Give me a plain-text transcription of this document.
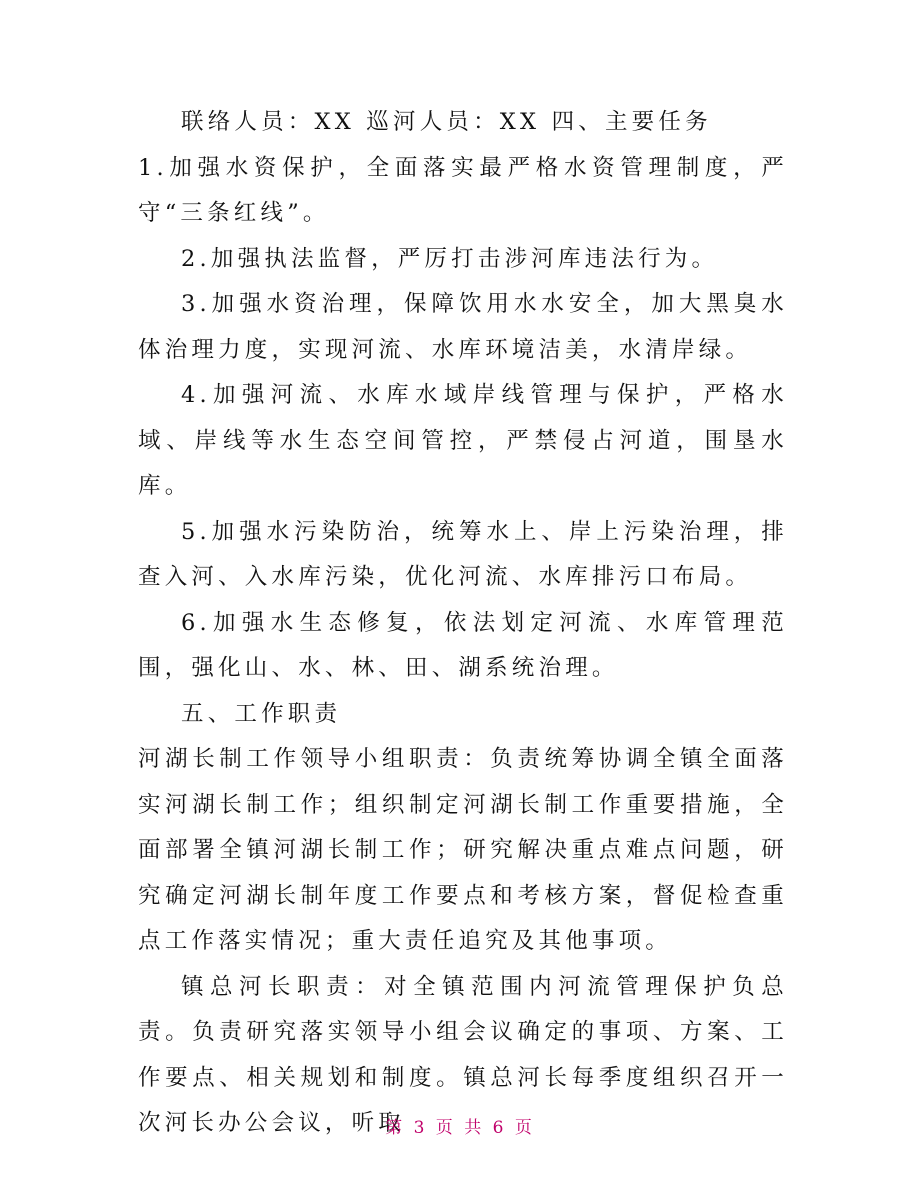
联络人员：XX 巡河人员：XX 四、主要任务

1.加强水资保护，全面落实最严格水资管理制度，严守“三条红线”。

2.加强执法监督，严厉打击涉河库违法行为。

3.加强水资治理，保障饮用水水安全，加大黑臭水体治理力度，实现河流、水库环境洁美，水清岸绿。

4.加强河流、水库水域岸线管理与保护，严格水域、岸线等水生态空间管控，严禁侵占河道，围垦水库。

5.加强水污染防治，统筹水上、岸上污染治理，排查入河、入水库污染，优化河流、水库排污口布局。

6.加强水生态修复，依法划定河流、水库管理范围，强化山、水、林、田、湖系统治理。

五、工作职责

河湖长制工作领导小组职责：负责统筹协调全镇全面落实河湖长制工作；组织制定河湖长制工作重要措施，全面部署全镇河湖长制工作；研究解决重点难点问题，研究确定河湖长制年度工作要点和考核方案，督促检查重点工作落实情况；重大责任追究及其他事项。

镇总河长职责：对全镇范围内河流管理保护负总责。负责研究落实领导小组会议确定的事项、方案、工作要点、相关规划和制度。镇总河长每季度组织召开一次河长办公会议，听取

第 3 页 共 6 页
